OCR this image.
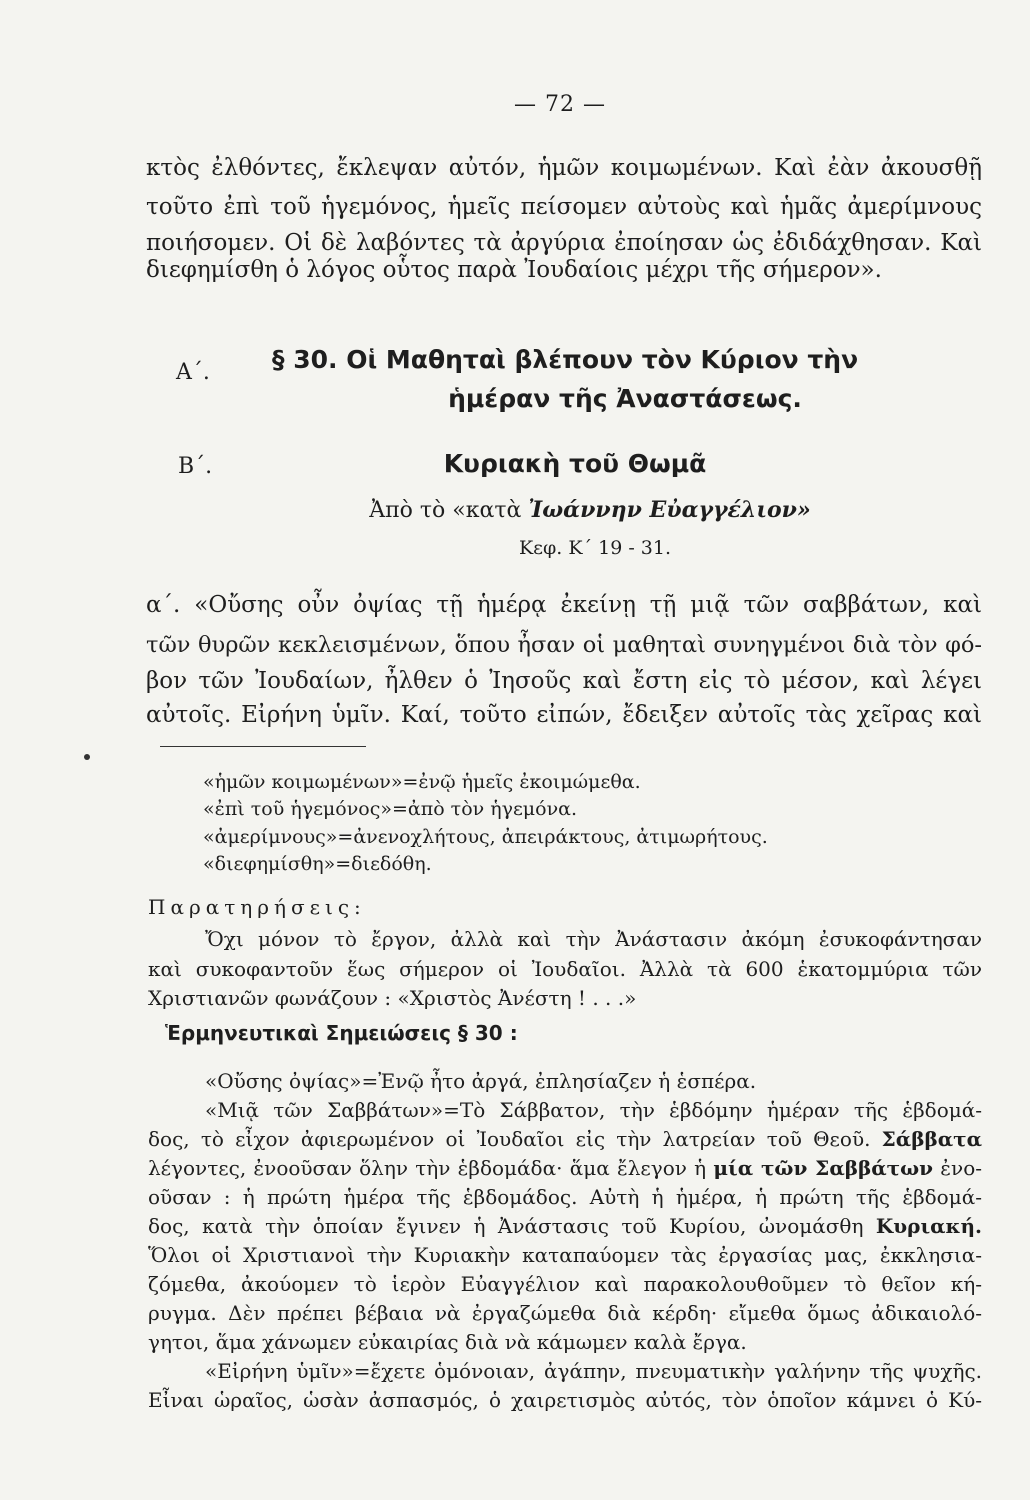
— 72 —
κτὸς ἐλθόντες, ἔκλεψαν αὐτόν, ἡμῶν κοιμωμένων. Καὶ ἐὰν ἀκουσθῇ
τοῦτο ἐπὶ τοῦ ἡγεμόνος, ἡμεῖς πείσομεν αὐτοὺς καὶ ἡμᾶς ἀμερίμνους
ποιήσομεν. Οἱ δὲ λαβόντες τὰ ἀργύρια ἐποίησαν ὡς ἐδιδάχθησαν. Καὶ
διεφημίσθη ὁ λόγος οὗτος παρὰ Ἰουδαίοις μέχρι τῆς σήμερον».
Α΄.	§ 30. Οἱ Μαθηταὶ βλέπουν τὸν Κύριον τὴν
ἡμέραν τῆς Ἀναστάσεως.
Β΄.	Κυριακὴ τοῦ Θωμᾶ
Ἀπὸ τὸ «κατὰ Ἰωάννην Εὐαγγέλιον»
Κεφ. Κ΄ 19 - 31.
α΄. «Οὔσης οὖν ὀψίας τῇ ἡμέρᾳ ἐκείνῃ τῇ μιᾷ τῶν σαββάτων, καὶ
τῶν θυρῶν κεκλεισμένων, ὅπου ἦσαν οἱ μαθηταὶ συνηγμένοι διὰ τὸν φό-
βον τῶν Ἰουδαίων, ἦλθεν ὁ Ἰησοῦς καὶ ἔστη εἰς τὸ μέσον, καὶ λέγει
αὐτοῖς. Εἰρήνη ὑμῖν. Καί, τοῦτο εἰπών, ἔδειξεν αὐτοῖς τὰς χεῖρας καὶ
«ἡμῶν κοιμωμένων»=ἐνῷ ἡμεῖς ἐκοιμώμεθα.
«ἐπὶ τοῦ ἡγεμόνος»=ἀπὸ τὸν ἡγεμόνα.
«ἀμερίμνους»=ἀνενοχλήτους, ἀπειράκτους, ἀτιμωρήτους.
«διεφημίσθη»=διεδόθη.
Παρατηρήσεις:
Ὄχι μόνον τὸ ἔργον, ἀλλὰ καὶ τὴν Ἀνάστασιν ἀκόμη ἐσυκοφάντησαν
καὶ συκοφαντοῦν ἕως σήμερον οἱ Ἰουδαῖοι. Ἀλλὰ τὰ 600 ἑκατομμύρια τῶν
Χριστιανῶν φωνάζουν : «Χριστὸς Ἀνέστη ! . . .»
Ἑρμηνευτικαὶ Σημειώσεις § 30 :
«Οὔσης ὀψίας»=Ἐνῷ ἦτο ἀργά, ἐπλησίαζεν ἡ ἑσπέρα.
«Μιᾷ τῶν Σαββάτων»=Τὸ Σάββατον, τὴν ἑβδόμην ἡμέραν τῆς ἑβδομά-
δος, τὸ εἶχον ἀφιερωμένον οἱ Ἰουδαῖοι εἰς τὴν λατρείαν τοῦ Θεοῦ. Σάββατα
λέγοντες, ἐνοοῦσαν ὅλην τὴν ἑβδομάδα· ἅμα ἔλεγον ἡ μία τῶν Σαββάτων ἐνο-
οῦσαν : ἡ πρώτη ἡμέρα τῆς ἑβδομάδος. Αὐτὴ ἡ ἡμέρα, ἡ πρώτη τῆς ἑβδομά-
δος, κατὰ τὴν ὁποίαν ἔγινεν ἡ Ἀνάστασις τοῦ Κυρίου, ὠνομάσθη Κυριακή.
Ὅλοι οἱ Χριστιανοὶ τὴν Κυριακὴν καταπαύομεν τὰς ἐργασίας μας, ἐκκλησια-
ζόμεθα, ἀκούομεν τὸ ἱερὸν Εὐαγγέλιον καὶ παρακολουθοῦμεν τὸ θεῖον κή-
ρυγμα. Δὲν πρέπει βέβαια νὰ ἐργαζώμεθα διὰ κέρδη· εἴμεθα ὅμως ἀδικαιολό-
γητοι, ἅμα χάνωμεν εὐκαιρίας διὰ νὰ κάμωμεν καλὰ ἔργα.
«Εἰρήνη ὑμῖν»=ἔχετε ὁμόνοιαν, ἀγάπην, πνευματικὴν γαλήνην τῆς ψυχῆς.
Εἶναι ὡραῖος, ὡσὰν ἀσπασμός, ὁ χαιρετισμὸς αὐτός, τὸν ὁποῖον κάμνει ὁ Κύ-
